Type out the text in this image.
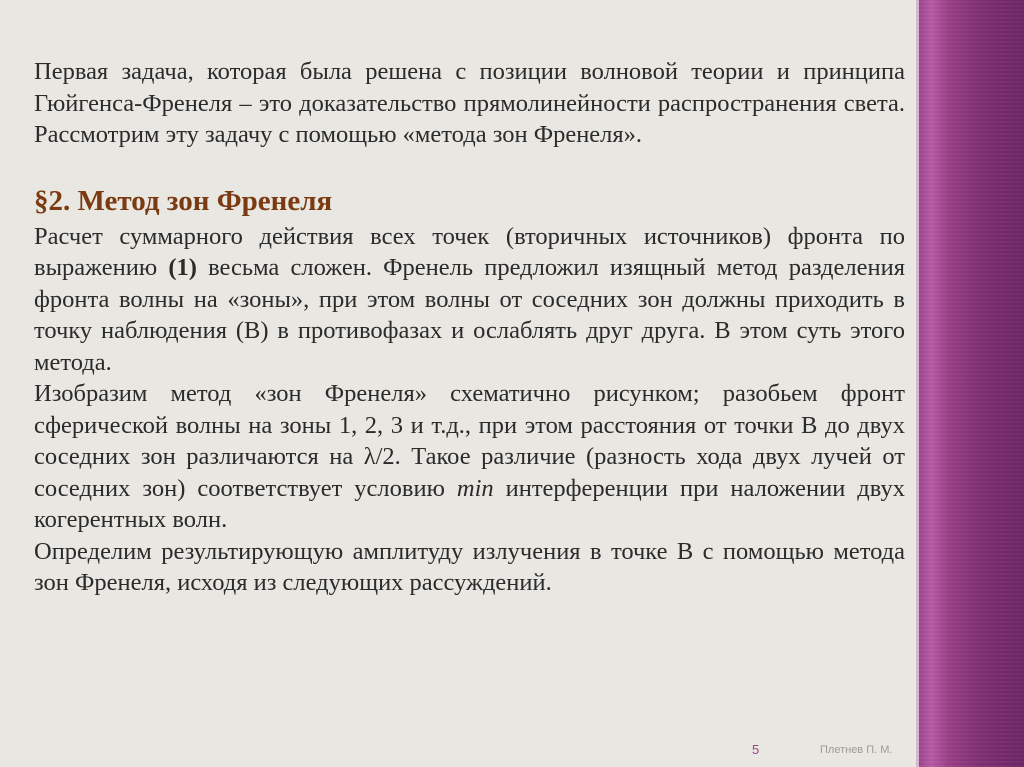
Первая задача, которая была решена с позиции волновой теории и принципа Гюйгенса-Френеля – это доказательство прямолинейности распространения света. Рассмотрим эту задачу с помощью «метода зон Френеля».

§2. Метод зон Френеля

Расчет суммарного действия всех точек (вторичных источников) фронта по выражению (1) весьма сложен. Френель предложил изящный метод разделения фронта волны на «зоны», при этом волны от соседних зон должны приходить в точку наблюдения (В) в противофазах и ослаблять друг друга. В этом суть этого метода.

Изобразим метод «зон Френеля» схематично рисунком; разобьем фронт сферической волны на зоны 1, 2, 3 и т.д., при этом расстояния от точки В до двух соседних зон различаются на λ/2. Такое различие (разность хода двух лучей от соседних зон) соответствует условию min интерференции при наложении двух когерентных волн.

Определим результирующую амплитуду излучения в точке В с помощью метода зон Френеля, исходя из следующих рассуждений.

5	Плетнев П. М.
